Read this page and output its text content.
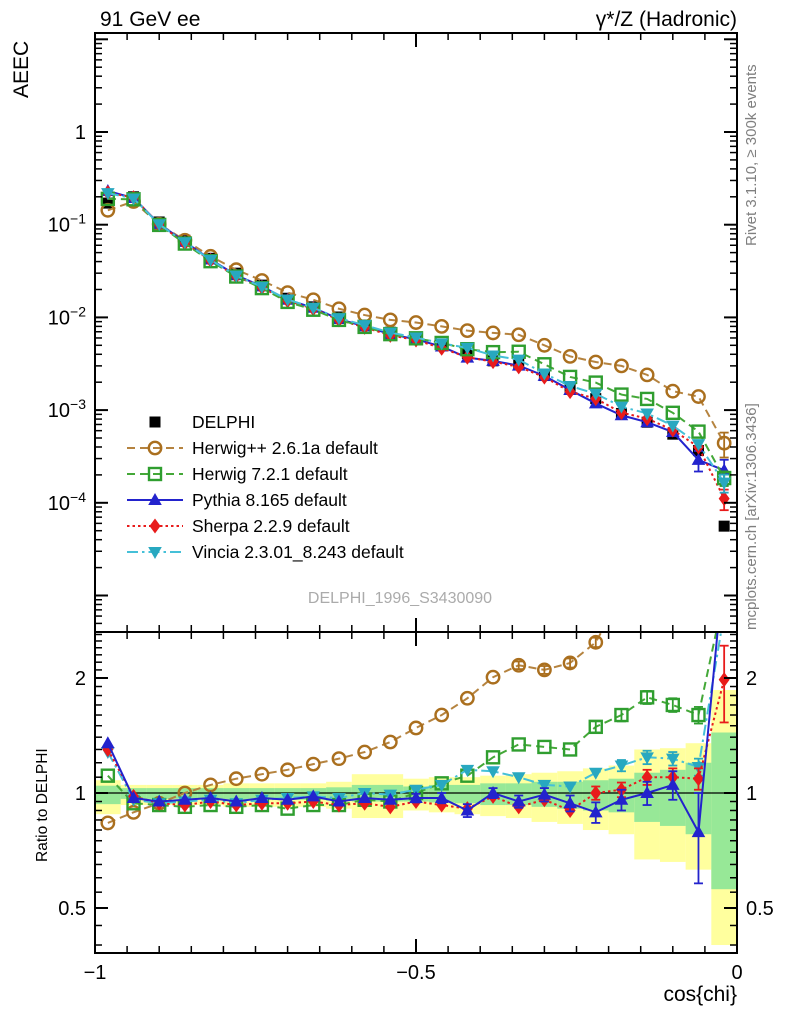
1
$10^{-1}$
$10^{-2}$
$10^{-3}$
$10^{-4}$
2	2
1	1
0.5	0.5
−1	−0.5	0
91 GeV ee	γ*/Z (Hadronic)
AEEC
Ratio to DELPHI
cos{chi}
DELPHI_1996_S3430090
Rivet 3.1.10, ≥ 300k events
mcplots.cern.ch [arXiv:1306.3436]
DELPHI
Herwig++ 2.6.1a default
Herwig 7.2.1 default
Pythia 8.165 default
Sherpa 2.2.9 default
Vincia 2.3.01_8.243 default
